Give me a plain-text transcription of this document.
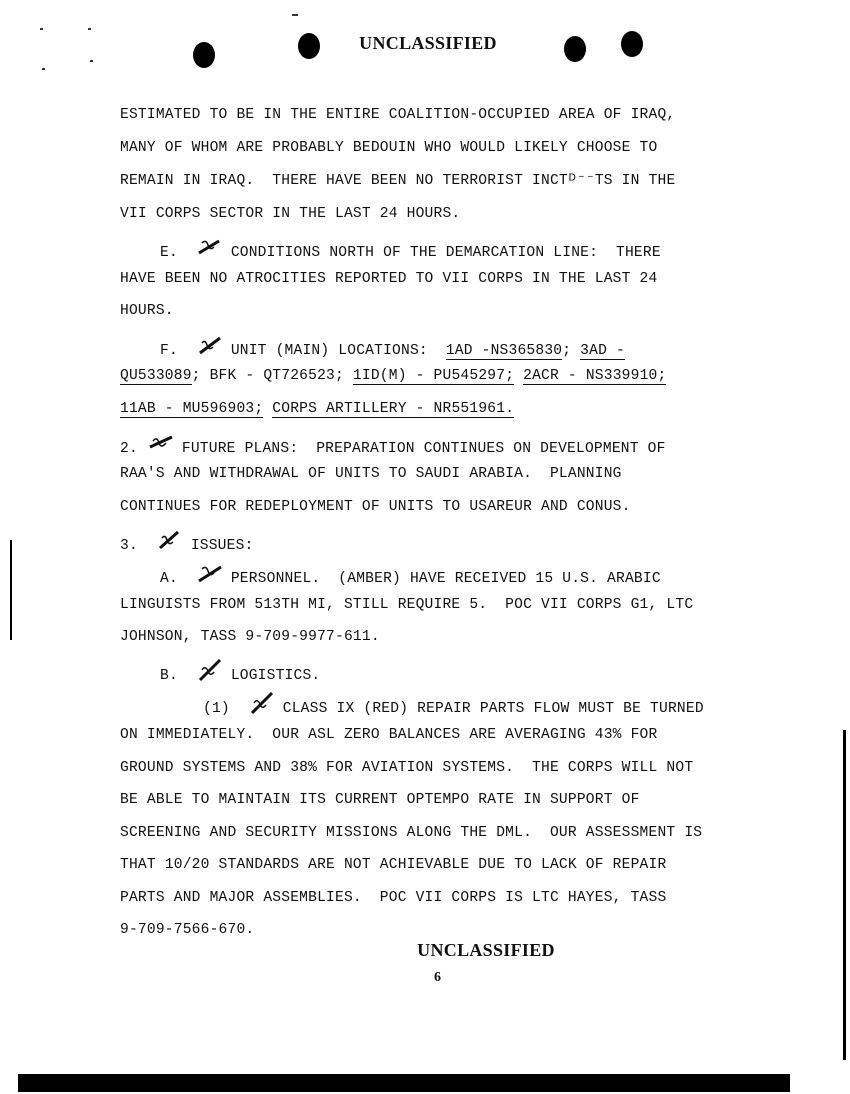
UNCLASSIFIED
ESTIMATED TO BE IN THE ENTIRE COALITION-OCCUPIED AREA OF IRAQ,
MANY OF WHOM ARE PROBABLY BEDOUIN WHO WOULD LIKELY CHOOSE TO
REMAIN IN IRAQ.  THERE HAVE BEEN NO TERRORIST INCTᴰ⁻⁻TS IN THE
VII CORPS SECTOR IN THE LAST 24 HOURS.
E.	CONDITIONS NORTH OF THE DEMARCATION LINE:  THERE
HAVE BEEN NO ATROCITIES REPORTED TO VII CORPS IN THE LAST 24
HOURS.
F.	UNIT (MAIN) LOCATIONS:  1AD -NS365830; 3AD -
QU533089; BFK - QT726523; 1ID(M) - PU545297; 2ACR - NS339910;
11AB - MU596903; CORPS ARTILLERY - NR551961.
2.	FUTURE PLANS:  PREPARATION CONTINUES ON DEVELOPMENT OF
RAA'S AND WITHDRAWAL OF UNITS TO SAUDI ARABIA.  PLANNING
CONTINUES FOR REDEPLOYMENT OF UNITS TO USAREUR AND CONUS.
3.	ISSUES:
A.	PERSONNEL.  (AMBER) HAVE RECEIVED 15 U.S. ARABIC
LINGUISTS FROM 513TH MI, STILL REQUIRE 5.  POC VII CORPS G1, LTC
JOHNSON, TASS 9-709-9977-611.
B.	LOGISTICS.
(1)	CLASS IX (RED) REPAIR PARTS FLOW MUST BE TURNED
ON IMMEDIATELY.  OUR ASL ZERO BALANCES ARE AVERAGING 43% FOR
GROUND SYSTEMS AND 38% FOR AVIATION SYSTEMS.  THE CORPS WILL NOT
BE ABLE TO MAINTAIN ITS CURRENT OPTEMPO RATE IN SUPPORT OF
SCREENING AND SECURITY MISSIONS ALONG THE DML.  OUR ASSESSMENT IS
THAT 10/20 STANDARDS ARE NOT ACHIEVABLE DUE TO LACK OF REPAIR
PARTS AND MAJOR ASSEMBLIES.  POC VII CORPS IS LTC HAYES, TASS
9-709-7566-670.
UNCLASSIFIED
6
